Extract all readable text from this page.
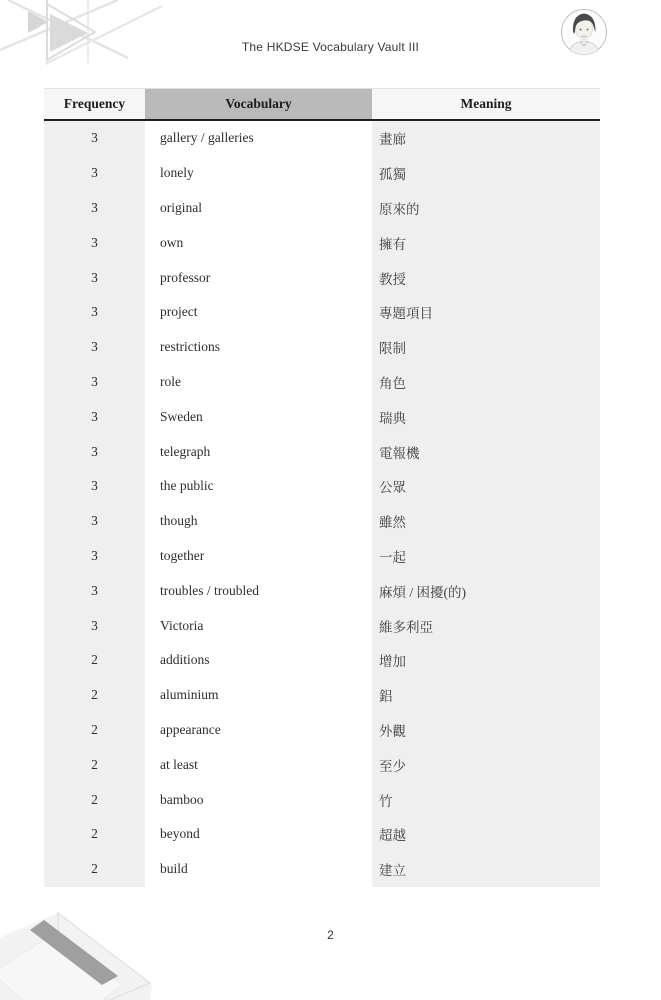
The HKDSE Vocabulary Vault III
Frequency	Vocabulary	Meaning
3	gallery / galleries	畫廊
3	lonely	孤獨
3	original	原來的
3	own	擁有
3	professor	教授
3	project	專題項目
3	restrictions	限制
3	role	角色
3	Sweden	瑞典
3	telegraph	電報機
3	the public	公眾
3	though	雖然
3	together	一起
3	troubles / troubled	麻煩 / 困擾(的)
3	Victoria	維多利亞
2	additions	增加
2	aluminium	鋁
2	appearance	外觀
2	at least	至少
2	bamboo	竹
2	beyond	超越
2	build	建立
2
